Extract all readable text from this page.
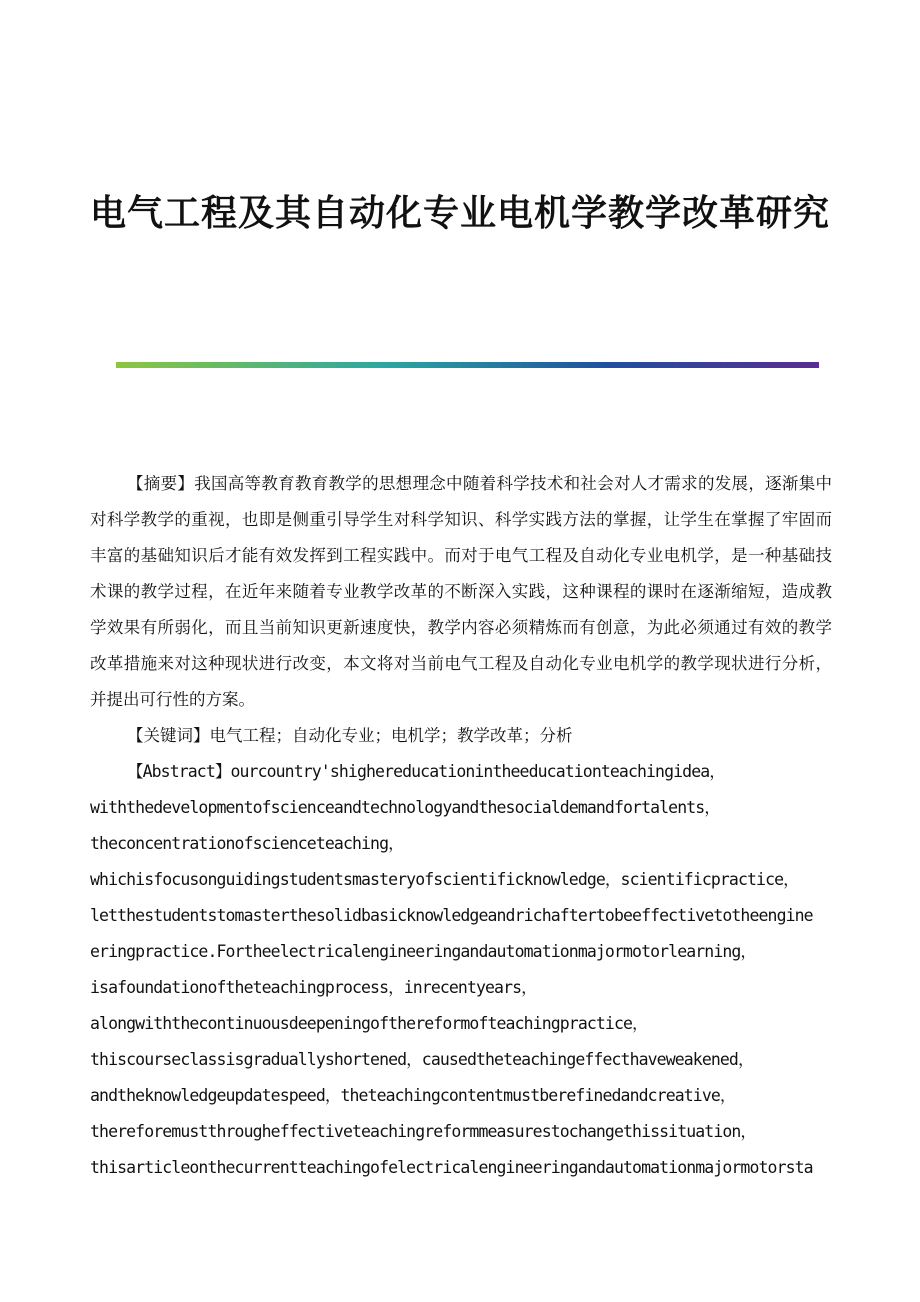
电气工程及其自动化专业电机学教学改革研究

【摘要】我国高等教育教育教学的思想理念中随着科学技术和社会对人才需求的发展，逐渐集中对科学教学的重视，也即是侧重引导学生对科学知识、科学实践方法的掌握，让学生在掌握了牢固而丰富的基础知识后才能有效发挥到工程实践中。而对于电气工程及自动化专业电机学，是一种基础技术课的教学过程，在近年来随着专业教学改革的不断深入实践，这种课程的课时在逐渐缩短，造成教学效果有所弱化，而且当前知识更新速度快，教学内容必须精炼而有创意，为此必须通过有效的教学改革措施来对这种现状进行改变，本文将对当前电气工程及自动化专业电机学的教学现状进行分析，并提出可行性的方案。

【关键词】电气工程；自动化专业；电机学；教学改革；分析

【Abstract】ourcountry'shighereducationintheeducationteachingidea，

withthedevelopmentofscienceandtechnologyandthesocialdemandfortalents，

theconcentrationofscienceteaching，

whichisfocusonguidingstudentsmasteryofscientificknowledge，scientificpractice，

letthestudentstomasterthesolidbasicknowledgeandrichaftertobeeffectivetotheengine

eringpractice.Fortheelectricalengineeringandautomationmajormotorlearning，

isafoundationoftheteachingprocess，inrecentyears，

alongwiththecontinuousdeepeningofthereformofteachingpractice，

thiscourseclassisgraduallyshortened，causedtheteachingeffecthaveweakened，

andtheknowledgeupdatespeed，theteachingcontentmustberefinedandcreative，

thereforemustthrougheffectiveteachingreformmeasurestochangethissituation，

thisarticleonthecurrentteachingofelectricalengineeringandautomationmajormotorsta
